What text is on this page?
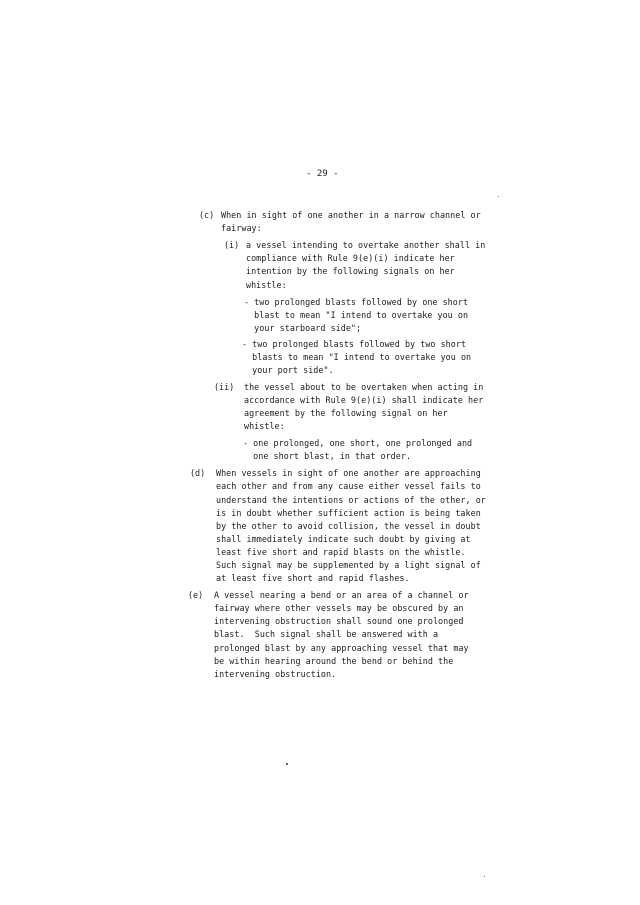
- 29 -
(c) When in sight of one another in a narrow channel or
fairway:
(i) a vessel intending to overtake another shall in
compliance with Rule 9(e)(i) indicate her
intention by the following signals on her
whistle:
- two prolonged blasts followed by one short
blast to mean "I intend to overtake you on
your starboard side";
- two prolonged blasts followed by two short
blasts to mean "I intend to overtake you on
your port side".
(ii) the vessel about to be overtaken when acting in
accordance with Rule 9(e)(i) shall indicate her
agreement by the following signal on her
whistle:
- one prolonged, one short, one prolonged and
one short blast, in that order.
(d) When vessels in sight of one another are approaching
each other and from any cause either vessel fails to
understand the intentions or actions of the other, or
is in doubt whether sufficient action is being taken
by the other to avoid collision, the vessel in doubt
shall immediately indicate such doubt by giving at
least five short and rapid blasts on the whistle.
Such signal may be supplemented by a light signal of
at least five short and rapid flashes.
(e) A vessel nearing a bend or an area of a channel or
fairway where other vessels may be obscured by an
intervening obstruction shall sound one prolonged
blast.  Such signal shall be answered with a
prolonged blast by any approaching vessel that may
be within hearing around the bend or behind the
intervening obstruction.
